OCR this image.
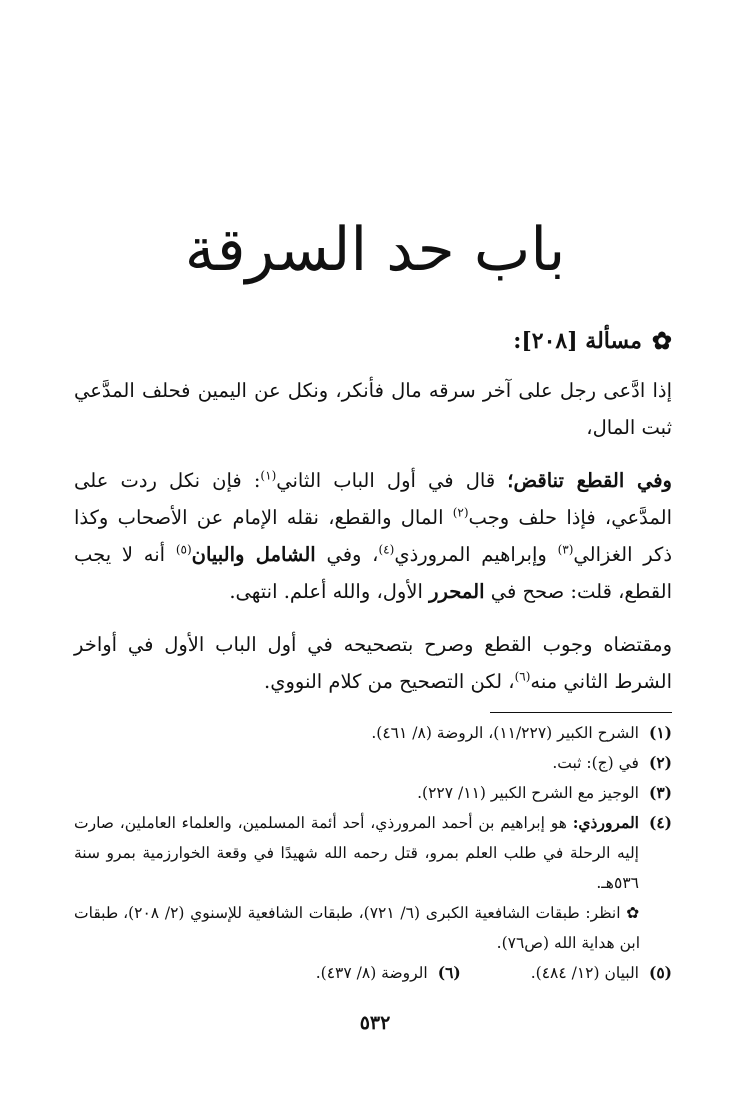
باب حد السرقة
✿
مسألة [٢٠٨]:

إذا ادَّعى رجل على آخر سرقه مال فأنكر، ونكل عن اليمين فحلف المدَّعي ثبت المال،

وفي القطع تناقض؛ قال في أول الباب الثاني$^{(١)}$: فإن نكل ردت على المدَّعي، فإذا حلف وجب$^{(٢)}$ المال والقطع، نقله الإمام عن الأصحاب وكذا ذكر الغزالي$^{(٣)}$ وإبراهيم المرورذي$^{(٤)}$، وفي الشامل والبيان$^{(٥)}$ أنه لا يجب القطع، قلت: صحح في المحرر الأول، والله أعلم. انتهى.

ومقتضاه وجوب القطع وصرح بتصحيحه في أول الباب الأول في أواخر الشرط الثاني منه$^{(٦)}$، لكن التصحيح من كلام النووي.

(١)
الشرح الكبير (١١/٢٢٧)، الروضة (٨/ ٤٦١).
(٢)
في (ج): ثبت.
(٣)
الوجيز مع الشرح الكبير (١١/ ٢٢٧).
(٤)
المرورذي: هو إبراهيم بن أحمد المرورذي، أحد أئمة المسلمين، والعلماء العاملين، صارت إليه الرحلة في طلب العلم بمرو، قتل رحمه الله شهيدًا في وقعة الخوارزمية بمرو سنة ٥٣٦هـ.
✿ انظر: طبقات الشافعية الكبرى (٦/ ٧٢١)، طبقات الشافعية للإسنوي (٢/ ٢٠٨)، طبقات ابن هداية الله (ص٧٦).
(٥)
البيان (١٢/ ٤٨٤).
(٦)
الروضة (٨/ ٤٣٧).
٥٣٢
